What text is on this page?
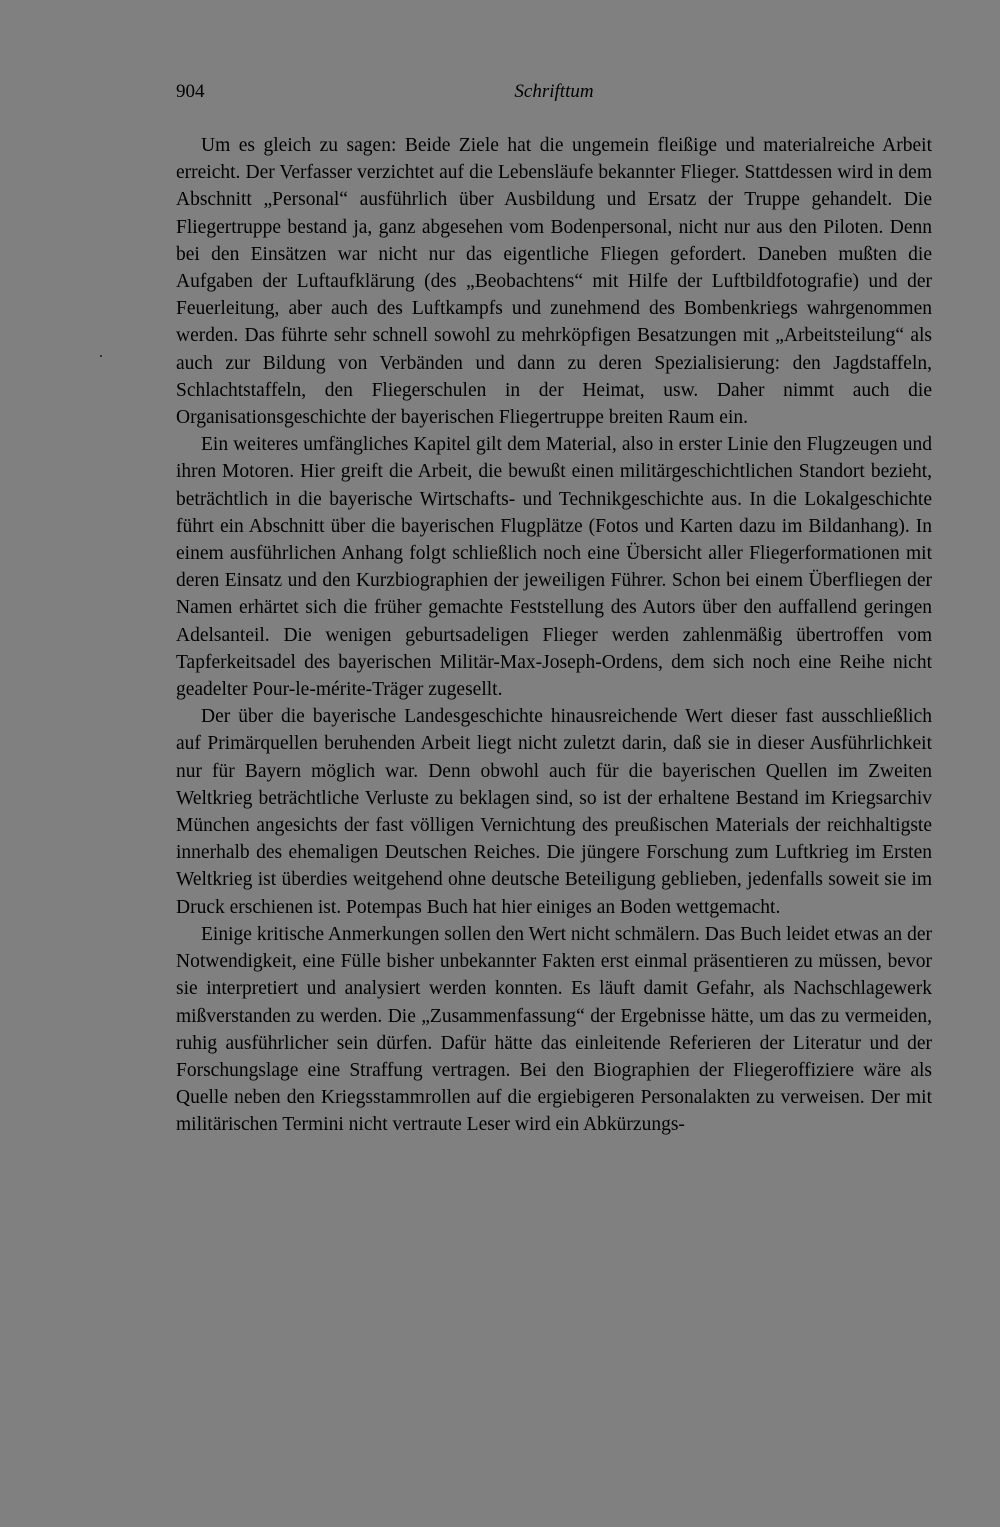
904	Schrifttum

Um es gleich zu sagen: Beide Ziele hat die ungemein fleißige und materialreiche Arbeit erreicht. Der Verfasser verzichtet auf die Lebensläufe bekannter Flieger. Stattdessen wird in dem Abschnitt „Personal“ ausführlich über Ausbildung und Ersatz der Truppe gehandelt. Die Fliegertruppe bestand ja, ganz abgesehen vom Bodenpersonal, nicht nur aus den Piloten. Denn bei den Einsätzen war nicht nur das eigentliche Fliegen gefordert. Daneben mußten die Aufgaben der Luftaufklärung (des „Beobachtens“ mit Hilfe der Luftbildfotografie) und der Feuerleitung, aber auch des Luftkampfs und zunehmend des Bombenkriegs wahrgenommen werden. Das führte sehr schnell sowohl zu mehrköpfigen Besatzungen mit „Arbeitsteilung“ als auch zur Bildung von Verbänden und dann zu deren Spezialisierung: den Jagdstaffeln, Schlachtstaffeln, den Fliegerschulen in der Heimat, usw. Daher nimmt auch die Organisationsgeschichte der bayerischen Fliegertruppe breiten Raum ein.

Ein weiteres umfängliches Kapitel gilt dem Material, also in erster Linie den Flugzeugen und ihren Motoren. Hier greift die Arbeit, die bewußt einen militärgeschichtlichen Standort bezieht, beträchtlich in die bayerische Wirtschafts- und Technikgeschichte aus. In die Lokalgeschichte führt ein Abschnitt über die bayerischen Flugplätze (Fotos und Karten dazu im Bildanhang). In einem ausführlichen Anhang folgt schließlich noch eine Übersicht aller Fliegerformationen mit deren Einsatz und den Kurzbiographien der jeweiligen Führer. Schon bei einem Überfliegen der Namen erhärtet sich die früher gemachte Feststellung des Autors über den auffallend geringen Adelsanteil. Die wenigen geburtsadeligen Flieger werden zahlenmäßig übertroffen vom Tapferkeitsadel des bayerischen Militär-Max-Joseph-Ordens, dem sich noch eine Reihe nicht geadelter Pour-le-mérite-Träger zugesellt.

Der über die bayerische Landesgeschichte hinausreichende Wert dieser fast ausschließlich auf Primärquellen beruhenden Arbeit liegt nicht zuletzt darin, daß sie in dieser Ausführlichkeit nur für Bayern möglich war. Denn obwohl auch für die bayerischen Quellen im Zweiten Weltkrieg beträchtliche Verluste zu beklagen sind, so ist der erhaltene Bestand im Kriegsarchiv München angesichts der fast völligen Vernichtung des preußischen Materials der reichhaltigste innerhalb des ehemaligen Deutschen Reiches. Die jüngere Forschung zum Luftkrieg im Ersten Weltkrieg ist überdies weitgehend ohne deutsche Beteiligung geblieben, jedenfalls soweit sie im Druck erschienen ist. Potempas Buch hat hier einiges an Boden wettgemacht.

Einige kritische Anmerkungen sollen den Wert nicht schmälern. Das Buch leidet etwas an der Notwendigkeit, eine Fülle bisher unbekannter Fakten erst einmal präsentieren zu müssen, bevor sie interpretiert und analysiert werden konnten. Es läuft damit Gefahr, als Nachschlagewerk mißverstanden zu werden. Die „Zusammenfassung“ der Ergebnisse hätte, um das zu vermeiden, ruhig ausführlicher sein dürfen. Dafür hätte das einleitende Referieren der Literatur und der Forschungslage eine Straffung vertragen. Bei den Biographien der Fliegeroffiziere wäre als Quelle neben den Kriegsstammrollen auf die ergiebigeren Personalakten zu verweisen. Der mit militärischen Termini nicht vertraute Leser wird ein Abkürzungs-
